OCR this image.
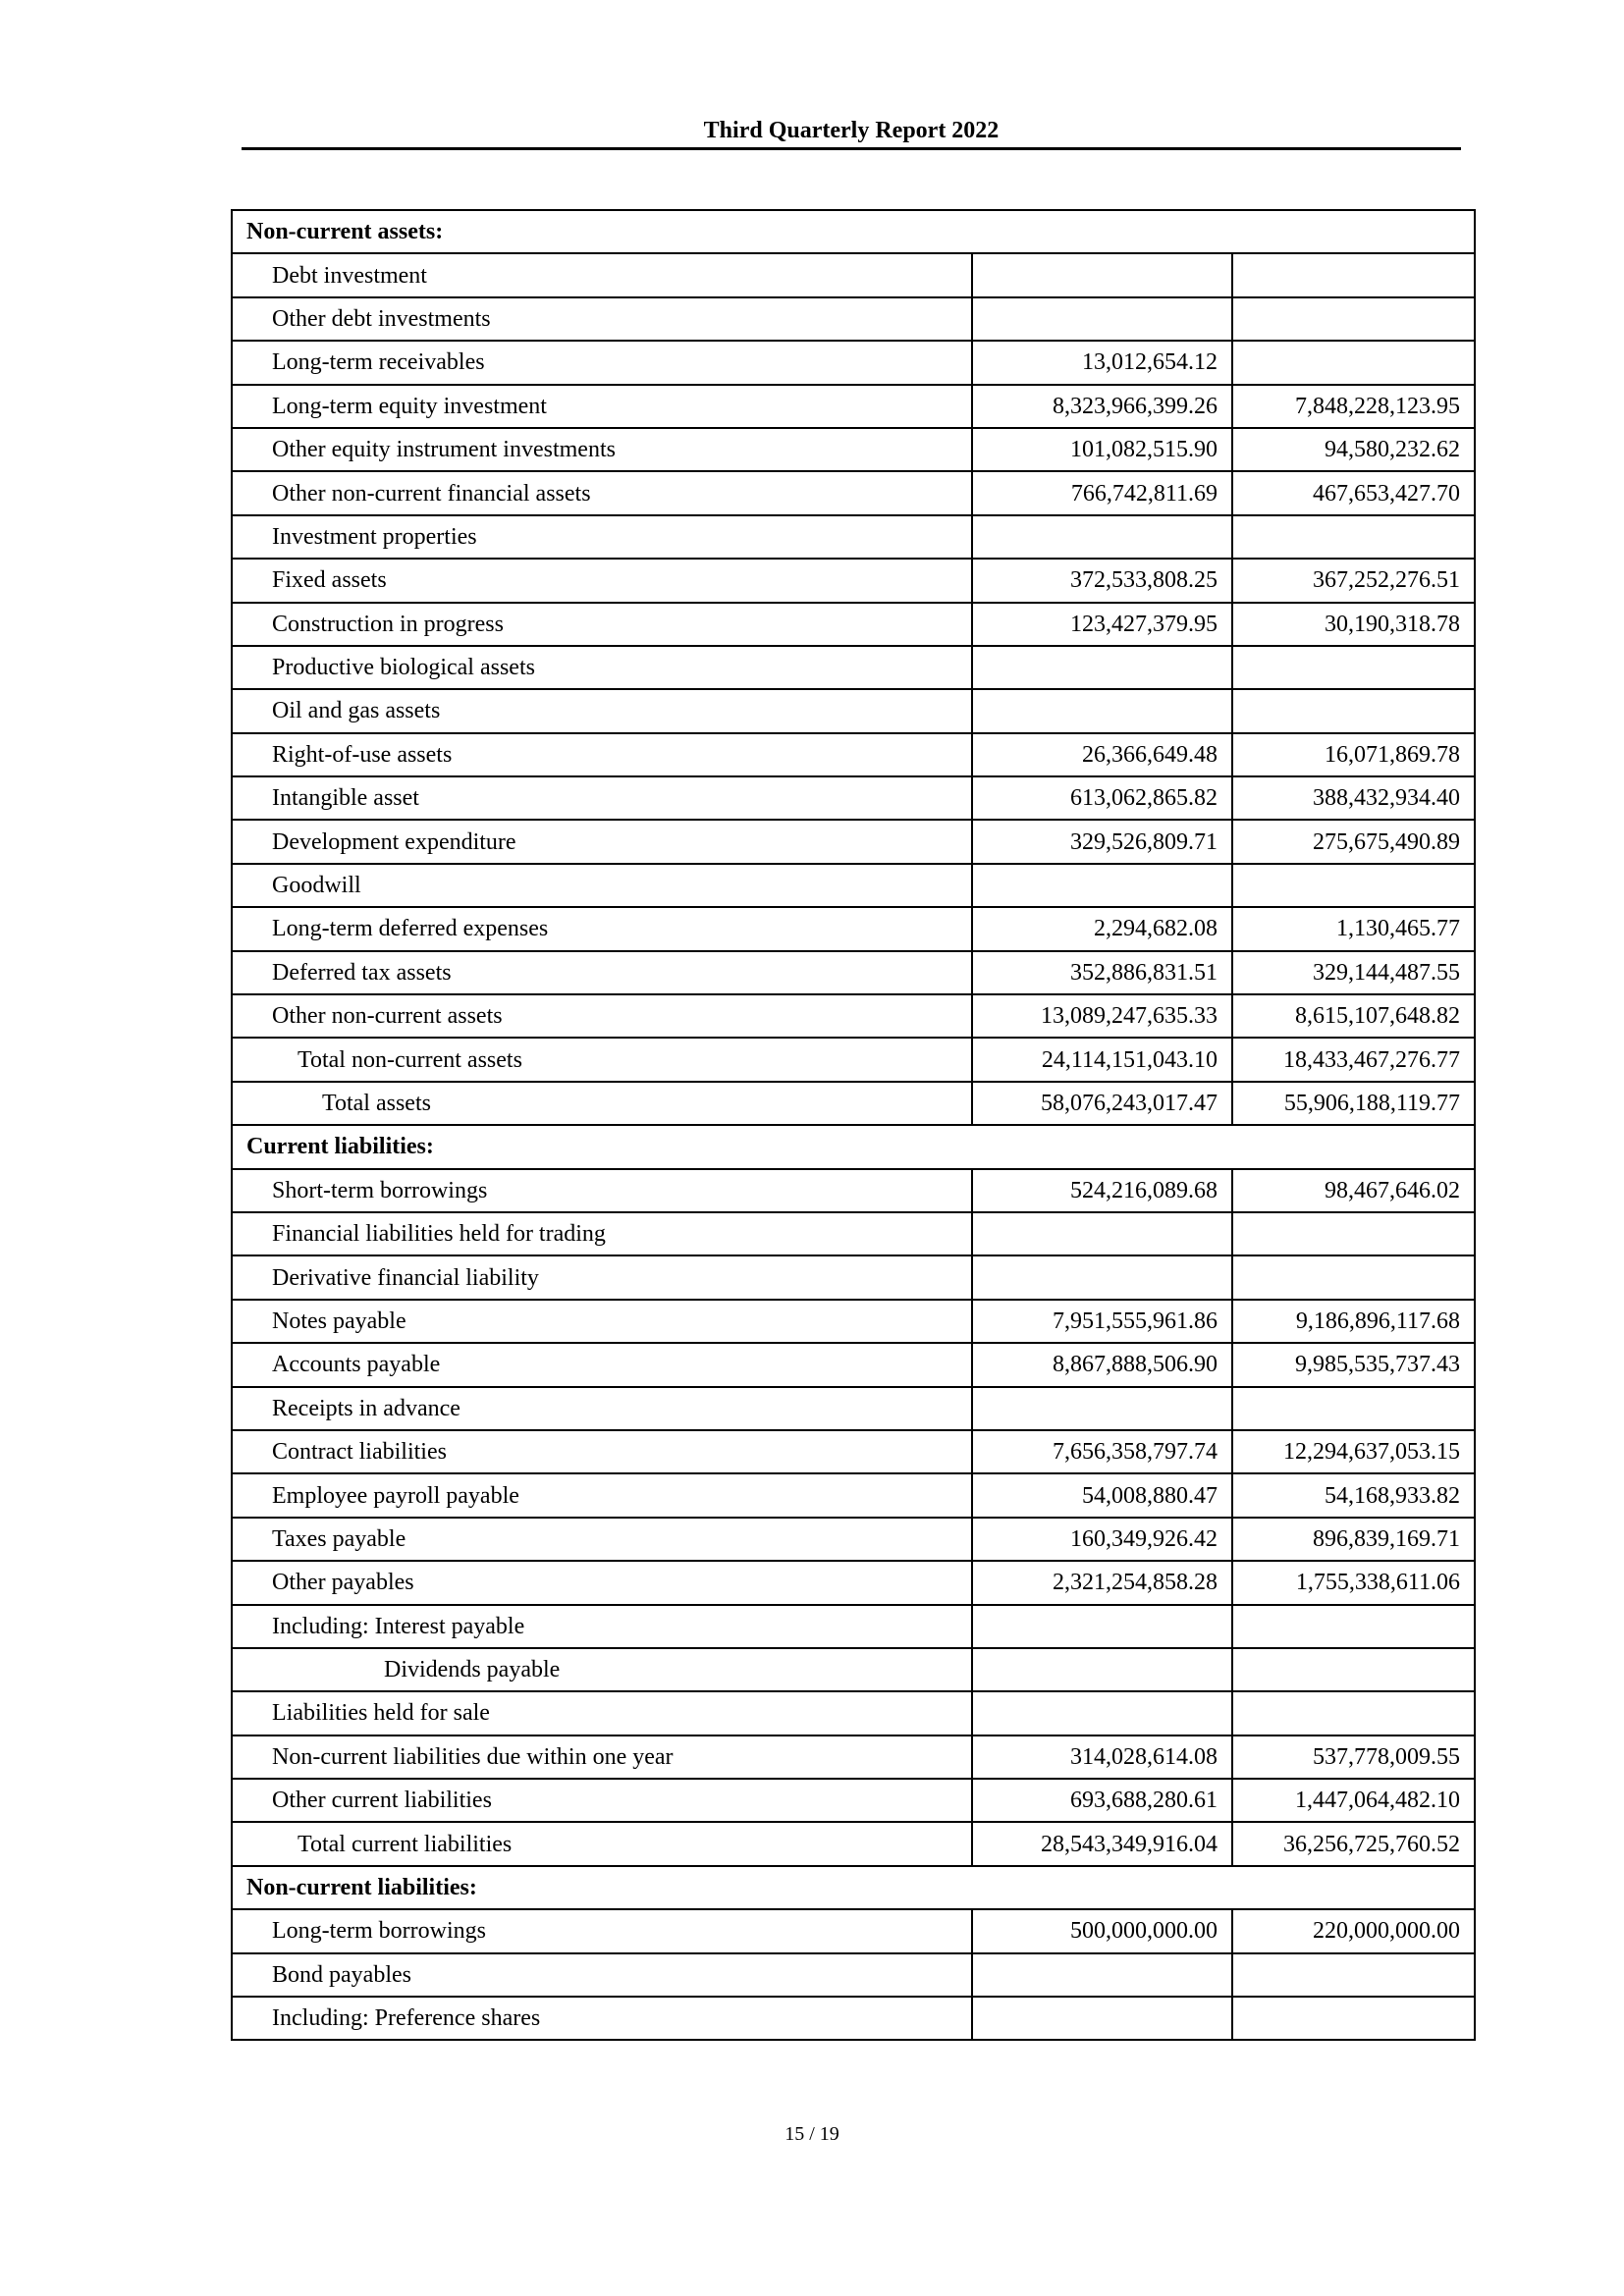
Third Quarterly Report 2022
Non-current assets:		
Debt investment		
Other debt investments		
Long-term receivables	13,012,654.12	
Long-term equity investment	8,323,966,399.26	7,848,228,123.95
Other equity instrument investments	101,082,515.90	94,580,232.62
Other non-current financial assets	766,742,811.69	467,653,427.70
Investment properties		
Fixed assets	372,533,808.25	367,252,276.51
Construction in progress	123,427,379.95	30,190,318.78
Productive biological assets		
Oil and gas assets		
Right-of-use assets	26,366,649.48	16,071,869.78
Intangible asset	613,062,865.82	388,432,934.40
Development expenditure	329,526,809.71	275,675,490.89
Goodwill		
Long-term deferred expenses	2,294,682.08	1,130,465.77
Deferred tax assets	352,886,831.51	329,144,487.55
Other non-current assets	13,089,247,635.33	8,615,107,648.82
Total non-current assets	24,114,151,043.10	18,433,467,276.77
Total assets	58,076,243,017.47	55,906,188,119.77
Current liabilities:		
Short-term borrowings	524,216,089.68	98,467,646.02
Financial liabilities held for trading		
Derivative financial liability		
Notes payable	7,951,555,961.86	9,186,896,117.68
Accounts payable	8,867,888,506.90	9,985,535,737.43
Receipts in advance		
Contract liabilities	7,656,358,797.74	12,294,637,053.15
Employee payroll payable	54,008,880.47	54,168,933.82
Taxes payable	160,349,926.42	896,839,169.71
Other payables	2,321,254,858.28	1,755,338,611.06
Including: Interest payable		
Dividends payable		
Liabilities held for sale		
Non-current liabilities due within one year	314,028,614.08	537,778,009.55
Other current liabilities	693,688,280.61	1,447,064,482.10
Total current liabilities	28,543,349,916.04	36,256,725,760.52
Non-current liabilities:		
Long-term borrowings	500,000,000.00	220,000,000.00
Bond payables		
Including: Preference shares		
15 / 19
